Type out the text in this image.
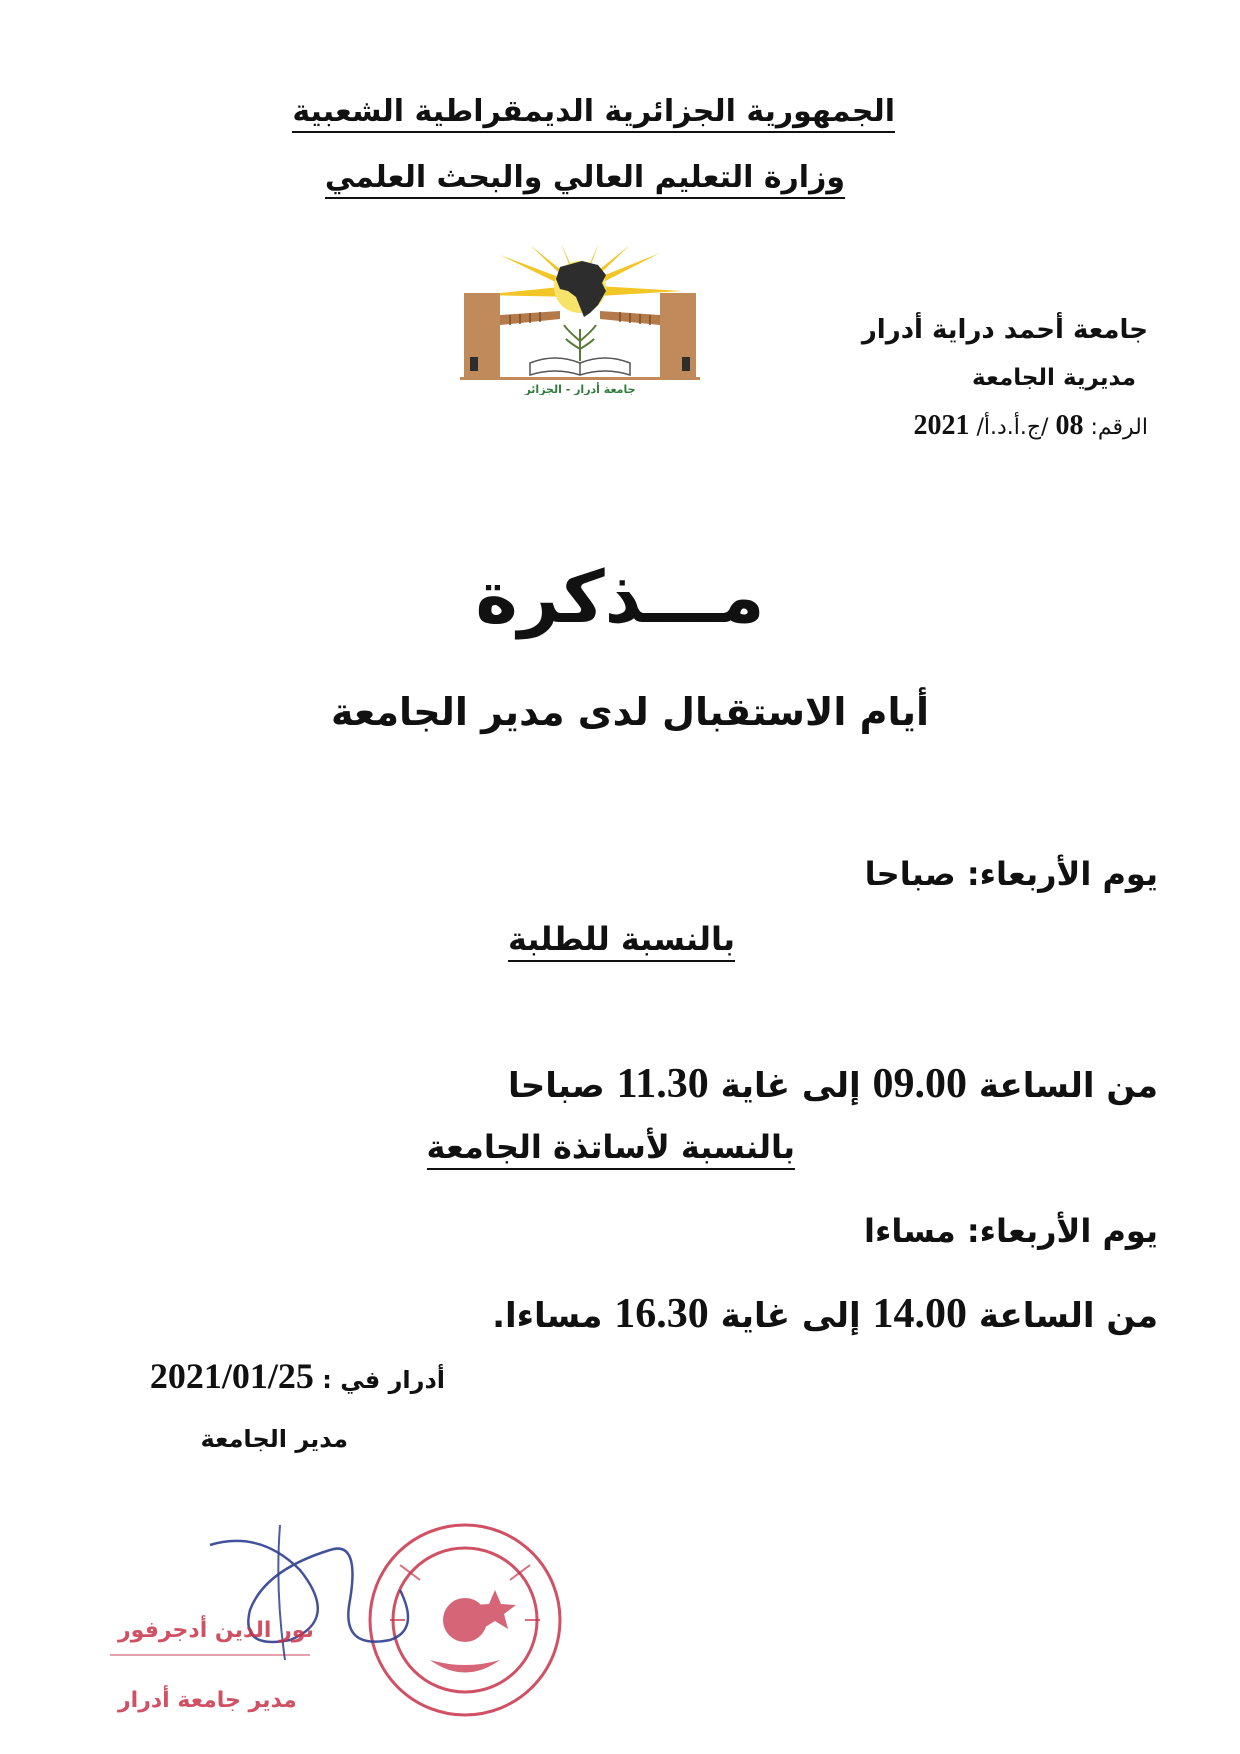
الجمهورية الجزائرية الديمقراطية الشعبية
وزارة التعليم العالي والبحث العلمي
جامعة أدرار - الجزائر
جامعة أحمد دراية أدرار
مديرية الجامعة
الرقم: 08 /ج.أ.د.أ/ 2021
مـــذكرة
أيام الاستقبال لدى مدير الجامعة
يوم الأربعاء: صباحا
بالنسبة للطلبة
من الساعة 09.00 إلى غاية 11.30 صباحا
بالنسبة لأساتذة الجامعة
يوم الأربعاء: مساءا
من الساعة 14.00 إلى غاية 16.30 مساءا.
أدرار في : 2021/01/25
مدير الجامعة
نور الدين أدجرفور
مدير جامعة أدرار
